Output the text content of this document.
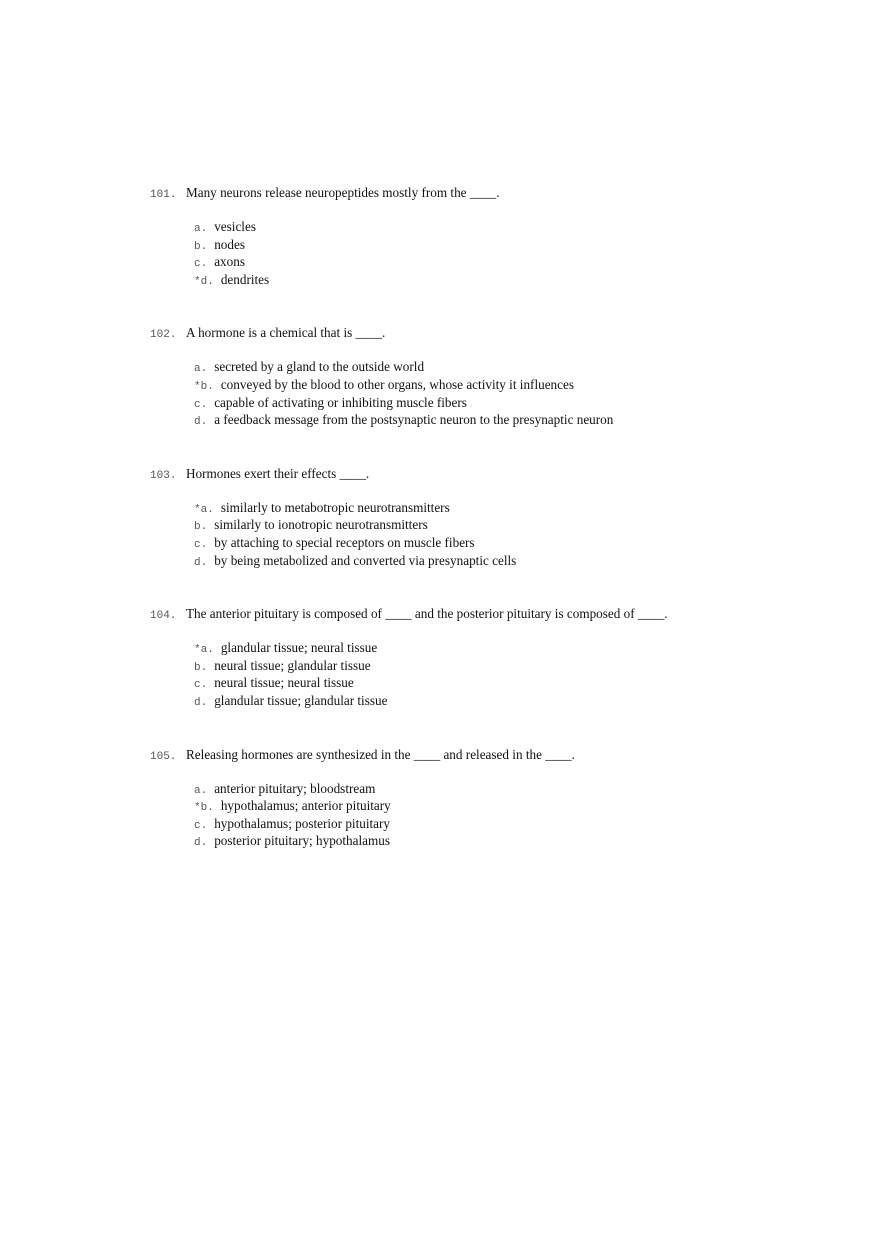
101. Many neurons release neuropeptides mostly from the ____.
a. vesicles
b. nodes
c. axons
*d. dendrites
102. A hormone is a chemical that is ____.
a. secreted by a gland to the outside world
*b. conveyed by the blood to other organs, whose activity it influences
c. capable of activating or inhibiting muscle fibers
d. a feedback message from the postsynaptic neuron to the presynaptic neuron
103. Hormones exert their effects ____.
*a. similarly to metabotropic neurotransmitters
b. similarly to ionotropic neurotransmitters
c. by attaching to special receptors on muscle fibers
d. by being metabolized and converted via presynaptic cells
104. The anterior pituitary is composed of ____ and the posterior pituitary is composed of ____.
*a. glandular tissue; neural tissue
b. neural tissue; glandular tissue
c. neural tissue; neural tissue
d. glandular tissue; glandular tissue
105. Releasing hormones are synthesized in the ____ and released in the ____.
a. anterior pituitary; bloodstream
*b. hypothalamus; anterior pituitary
c. hypothalamus; posterior pituitary
d. posterior pituitary; hypothalamus
